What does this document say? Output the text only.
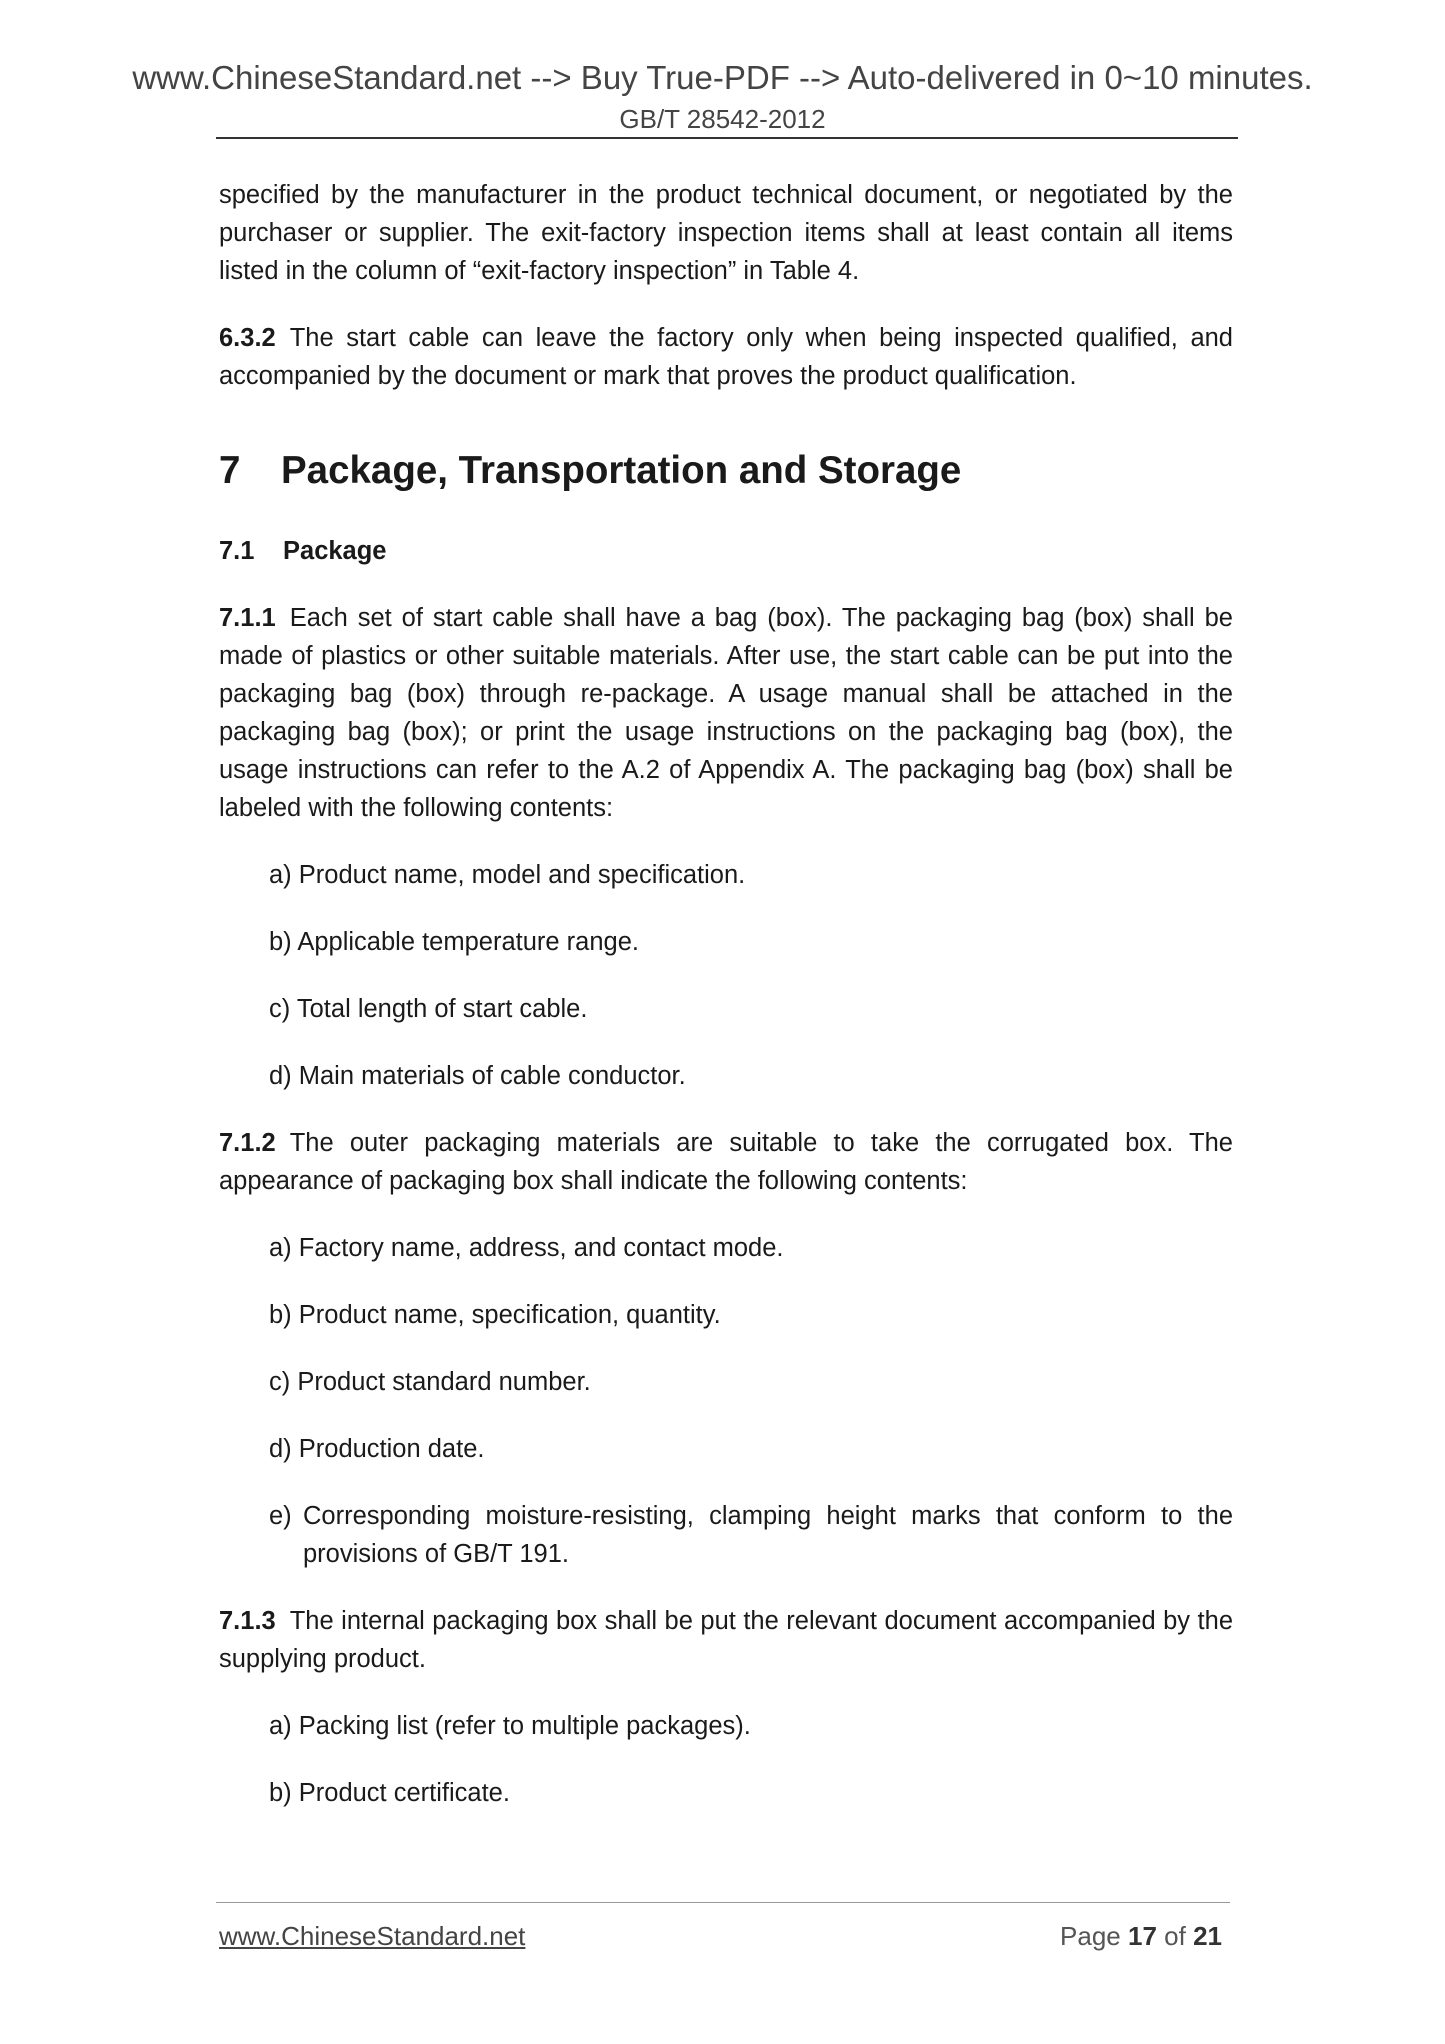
www.ChineseStandard.net --> Buy True-PDF --> Auto-delivered in 0~10 minutes.
GB/T 28542-2012

specified by the manufacturer in the product technical document, or negotiated by the purchaser or supplier. The exit-factory inspection items shall at least contain all items listed in the column of “exit-factory inspection” in Table 4.

6.3.2 The start cable can leave the factory only when being inspected qualified, and accompanied by the document or mark that proves the product qualification.

7 Package, Transportation and Storage
7.1 Package

7.1.1 Each set of start cable shall have a bag (box). The packaging bag (box) shall be made of plastics or other suitable materials. After use, the start cable can be put into the packaging bag (box) through re-package. A usage manual shall be attached in the packaging bag (box); or print the usage instructions on the packaging bag (box), the usage instructions can refer to the A.2 of Appendix A. The packaging bag (box) shall be labeled with the following contents:

a) Product name, model and specification.
b) Applicable temperature range.
c) Total length of start cable.
d) Main materials of cable conductor.

7.1.2 The outer packaging materials are suitable to take the corrugated box. The appearance of packaging box shall indicate the following contents:

a) Factory name, address, and contact mode.
b) Product name, specification, quantity.
c) Product standard number.
d) Production date.
e) Corresponding moisture-resisting, clamping height marks that conform to the provisions of GB/T 191.

7.1.3 The internal packaging box shall be put the relevant document accompanied by the supplying product.

a) Packing list (refer to multiple packages).
b) Product certificate.
www.ChineseStandard.net	Page 17 of 21
